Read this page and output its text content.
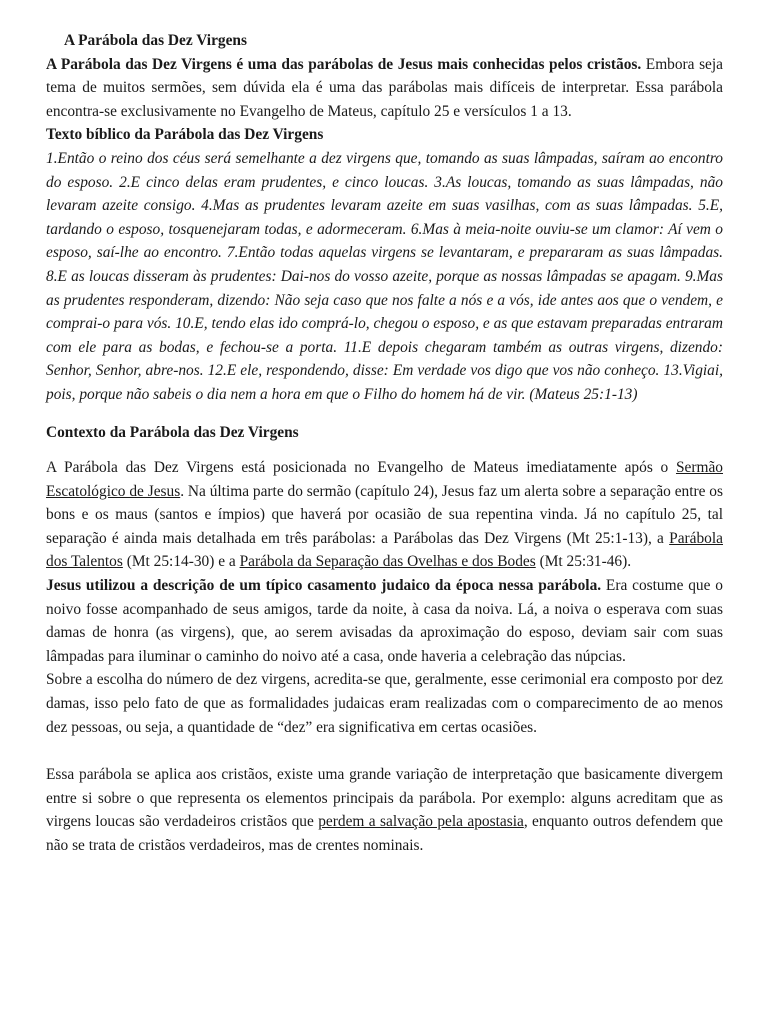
A Parábola das Dez Virgens

A Parábola das Dez Virgens é uma das parábolas de Jesus mais conhecidas pelos cristãos. Embora seja tema de muitos sermões, sem dúvida ela é uma das parábolas mais difíceis de interpretar. Essa parábola encontra-se exclusivamente no Evangelho de Mateus, capítulo 25 e versículos 1 a 13.

Texto bíblico da Parábola das Dez Virgens

1.Então o reino dos céus será semelhante a dez virgens que, tomando as suas lâmpadas, saíram ao encontro do esposo. 2.E cinco delas eram prudentes, e cinco loucas. 3.As loucas, tomando as suas lâmpadas, não levaram azeite consigo. 4.Mas as prudentes levaram azeite em suas vasilhas, com as suas lâmpadas. 5.E, tardando o esposo, tosquenejaram todas, e adormeceram. 6.Mas à meia-noite ouviu-se um clamor: Aí vem o esposo, saí-lhe ao encontro. 7.Então todas aquelas virgens se levantaram, e prepararam as suas lâmpadas. 8.E as loucas disseram às prudentes: Dai-nos do vosso azeite, porque as nossas lâmpadas se apagam. 9.Mas as prudentes responderam, dizendo: Não seja caso que nos falte a nós e a vós, ide antes aos que o vendem, e comprai-o para vós. 10.E, tendo elas ido comprá-lo, chegou o esposo, e as que estavam preparadas entraram com ele para as bodas, e fechou-se a porta. 11.E depois chegaram também as outras virgens, dizendo: Senhor, Senhor, abre-nos. 12.E ele, respondendo, disse: Em verdade vos digo que vos não conheço. 13.Vigiai, pois, porque não sabeis o dia nem a hora em que o Filho do homem há de vir. (Mateus 25:1-13)

Contexto da Parábola das Dez Virgens

A Parábola das Dez Virgens está posicionada no Evangelho de Mateus imediatamente após o Sermão Escatológico de Jesus. Na última parte do sermão (capítulo 24), Jesus faz um alerta sobre a separação entre os bons e os maus (santos e ímpios) que haverá por ocasião de sua repentina vinda. Já no capítulo 25, tal separação é ainda mais detalhada em três parábolas: a Parábolas das Dez Virgens (Mt 25:1-13), a Parábola dos Talentos (Mt 25:14-30) e a Parábola da Separação das Ovelhas e dos Bodes (Mt 25:31-46).

Jesus utilizou a descrição de um típico casamento judaico da época nessa parábola. Era costume que o noivo fosse acompanhado de seus amigos, tarde da noite, à casa da noiva. Lá, a noiva o esperava com suas damas de honra (as virgens), que, ao serem avisadas da aproximação do esposo, deviam sair com suas lâmpadas para iluminar o caminho do noivo até a casa, onde haveria a celebração das núpcias.

Sobre a escolha do número de dez virgens, acredita-se que, geralmente, esse cerimonial era composto por dez damas, isso pelo fato de que as formalidades judaicas eram realizadas com o comparecimento de ao menos dez pessoas, ou seja, a quantidade de “dez” era significativa em certas ocasiões.

Essa parábola se aplica aos cristãos, existe uma grande variação de interpretação que basicamente divergem entre si sobre o que representa os elementos principais da parábola. Por exemplo: alguns acreditam que as virgens loucas são verdadeiros cristãos que perdem a salvação pela apostasia, enquanto outros defendem que não se trata de cristãos verdadeiros, mas de crentes nominais.
